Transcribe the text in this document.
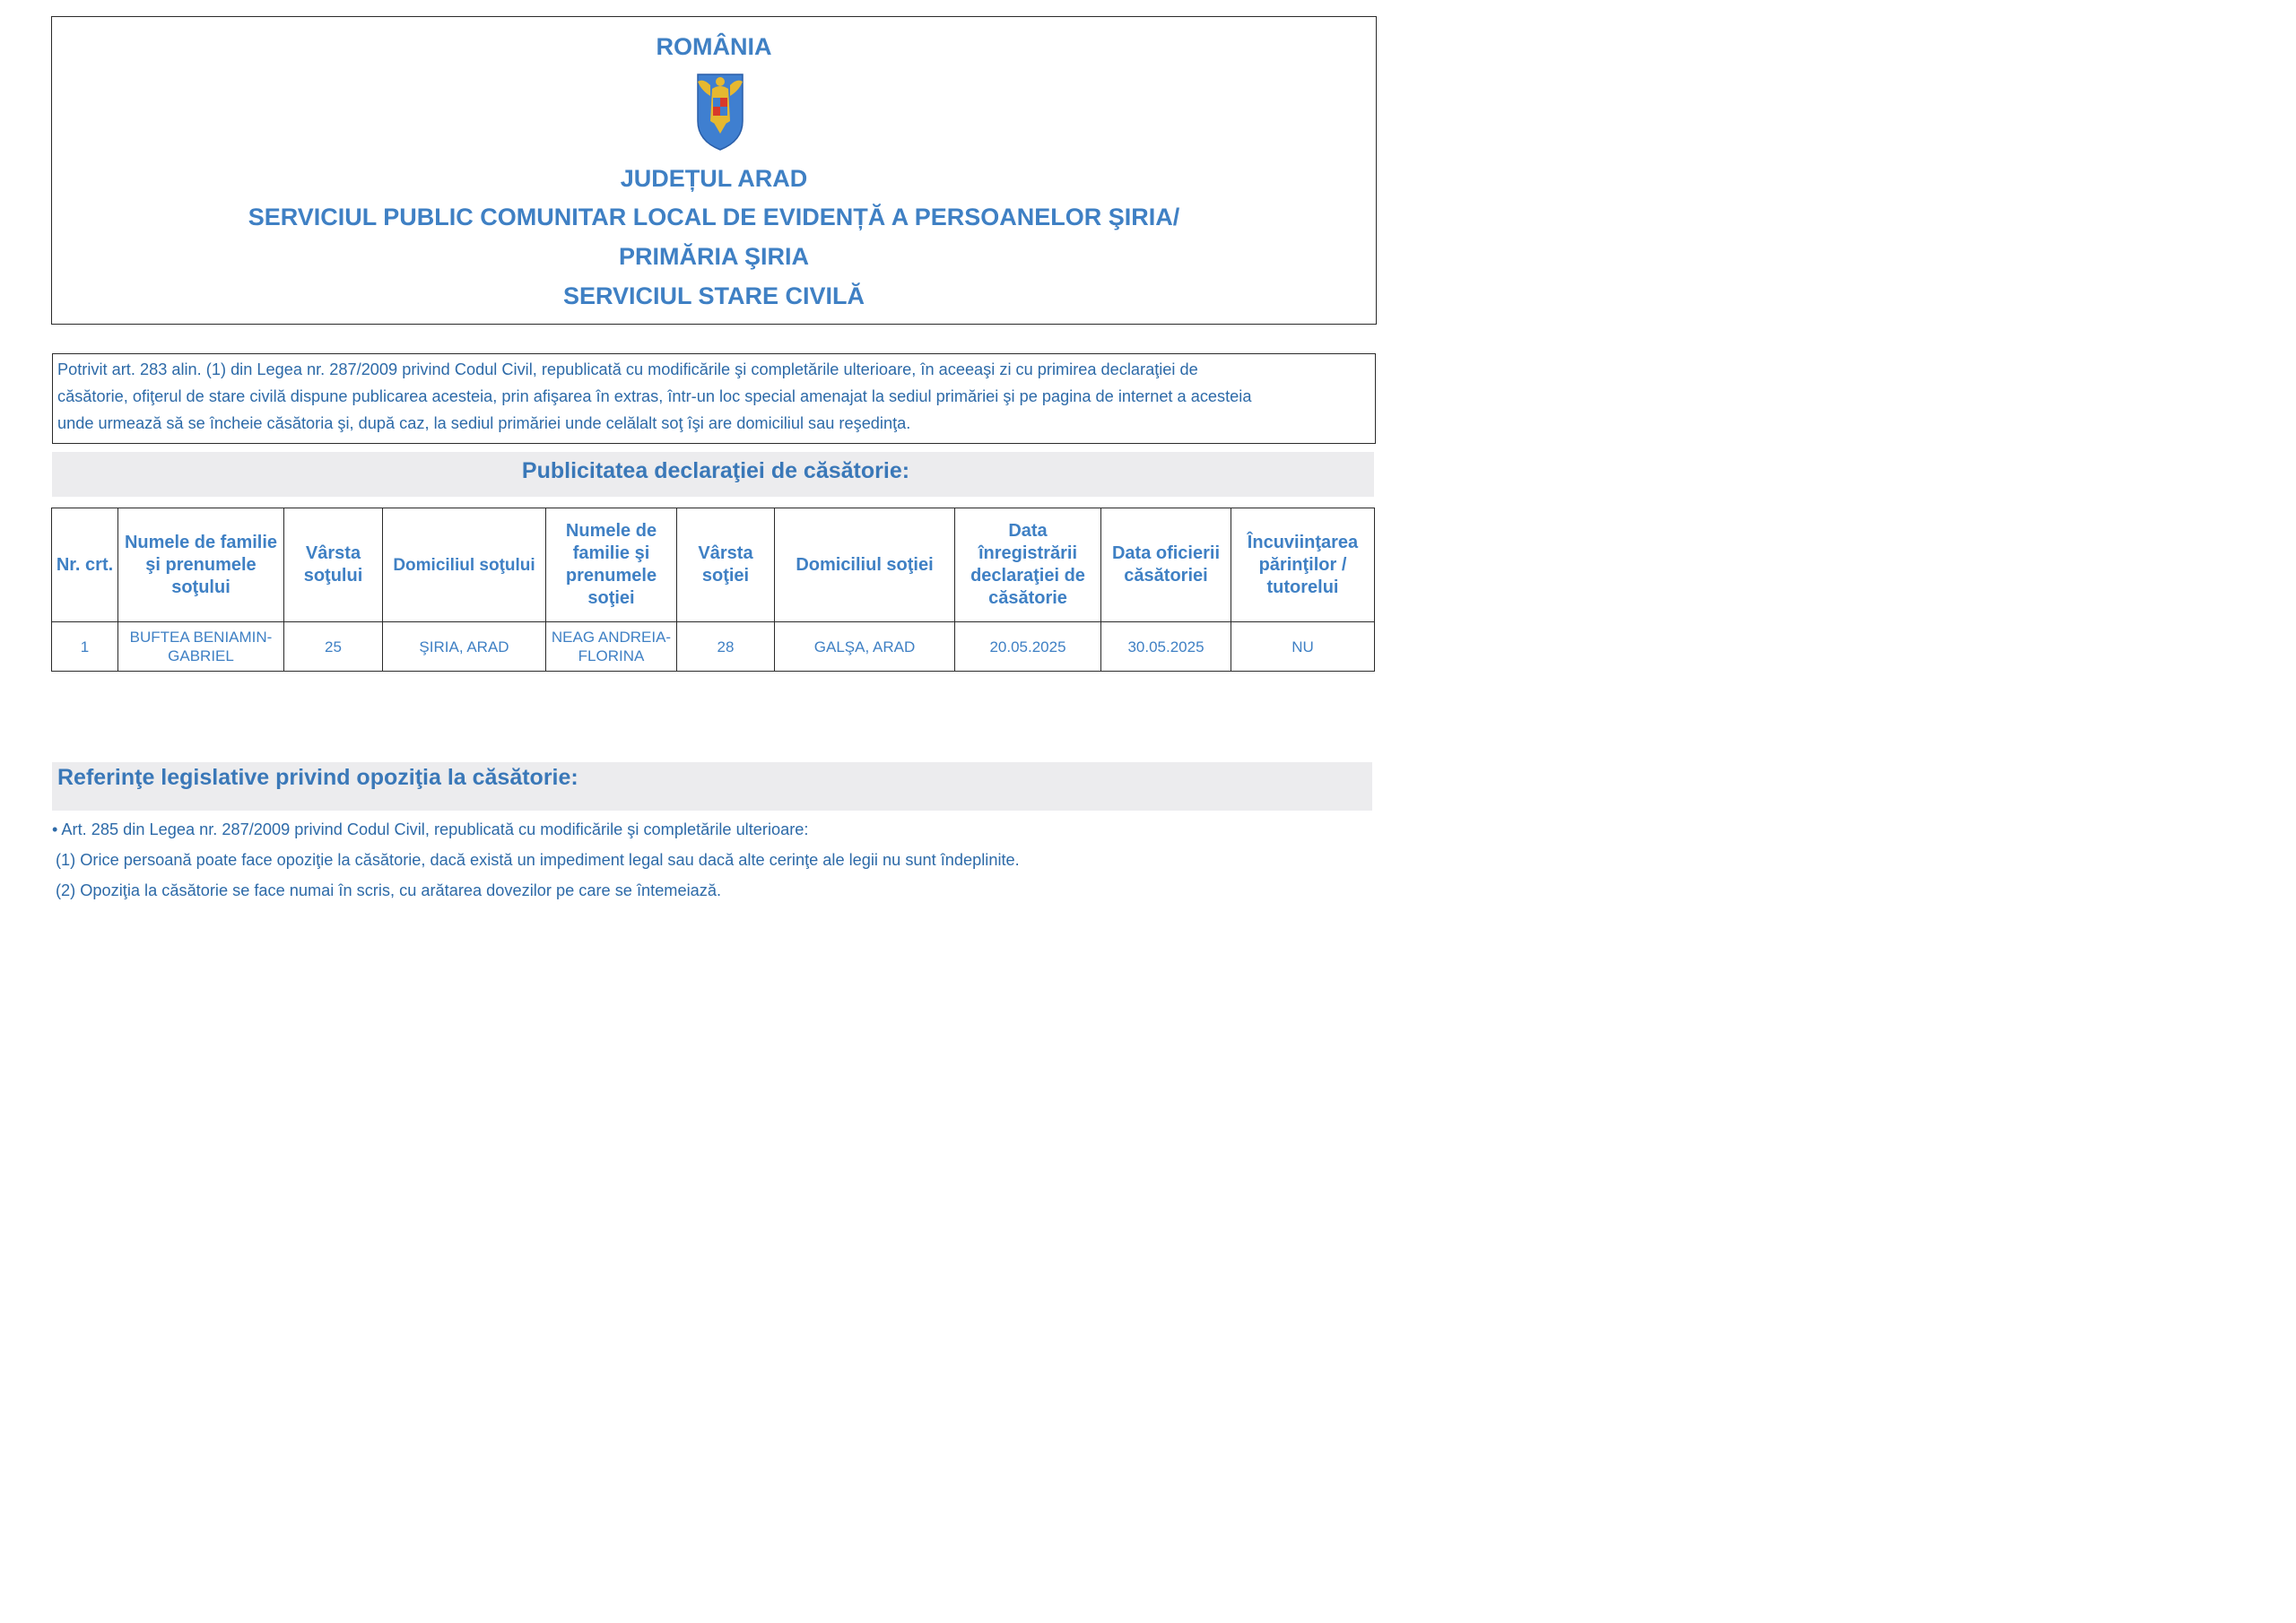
ROMÂNIA
JUDEȚUL ARAD
SERVICIUL PUBLIC COMUNITAR LOCAL DE EVIDENȚĂ A PERSOANELOR ŞIRIA/
PRIMĂRIA ŞIRIA
SERVICIUL STARE CIVILĂ
Potrivit art. 283 alin. (1) din Legea nr. 287/2009 privind Codul Civil, republicată cu modificările şi completările ulterioare, în aceeaşi zi cu primirea declaraţiei de
căsătorie, ofiţerul de stare civilă dispune publicarea acesteia, prin afişarea în extras, într-un loc special amenajat la sediul primăriei şi pe pagina de internet a acesteia
unde urmează să se încheie căsătoria şi, după caz, la sediul primăriei unde celălalt soţ îşi are domiciliul sau reşedinţa.
Publicitatea declaraţiei de căsătorie:
Nr. crt.	Numele de familie şi prenumele soţului	Vârsta soţului	Domiciliul soţului	Numele de familie şi prenumele soţiei	Vârsta soţiei	Domiciliul soţiei	Data înregistrării declaraţiei de căsătorie	Data oficierii căsătoriei	Încuviinţarea părinţilor / tutorelui
1	BUFTEA BENIAMIN-GABRIEL	25	ŞIRIA, ARAD	NEAG ANDREIA-FLORINA	28	GALŞA, ARAD	20.05.2025	30.05.2025	NU
Referinţe legislative privind opoziţia la căsătorie:
• Art. 285 din Legea nr. 287/2009 privind Codul Civil, republicată cu modificările şi completările ulterioare:
(1) Orice persoană poate face opoziţie la căsătorie, dacă există un impediment legal sau dacă alte cerinţe ale legii nu sunt îndeplinite.
(2) Opoziţia la căsătorie se face numai în scris, cu arătarea dovezilor pe care se întemeiază.
